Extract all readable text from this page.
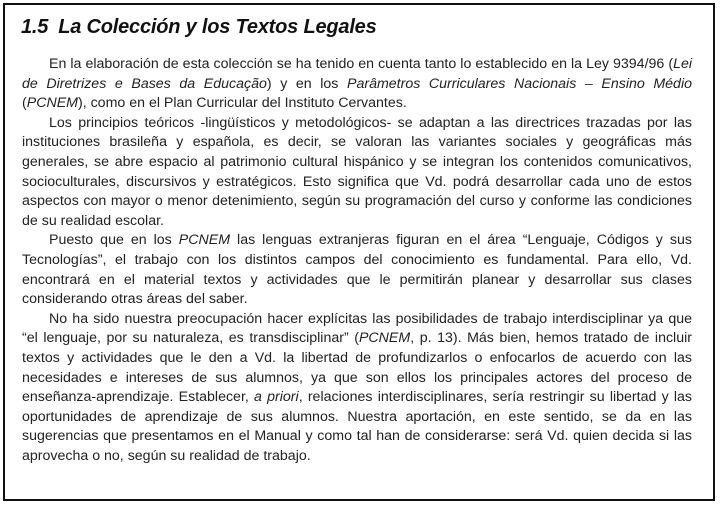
1.5 La Colección y los Textos Legales

En la elaboración de esta colección se ha tenido en cuenta tanto lo establecido en la Ley 9394/96 (Lei de Diretrizes e Bases da Educação) y en los Parâmetros Curriculares Nacionais – Ensino Médio (PCNEM), como en el Plan Curricular del Instituto Cervantes.

Los principios teóricos -lingüísticos y metodológicos- se adaptan a las directrices trazadas por las instituciones brasileña y española, es decir, se valoran las variantes sociales y geográficas más generales, se abre espacio al patrimonio cultural hispánico y se integran los contenidos comunicativos, socioculturales, discursivos y estratégicos. Esto significa que Vd. podrá desarrollar cada uno de estos aspectos con mayor o menor detenimiento, según su programación del curso y conforme las condiciones de su realidad escolar.

Puesto que en los PCNEM las lenguas extranjeras figuran en el área “Lenguaje, Códigos y sus Tecnologías”, el trabajo con los distintos campos del conocimiento es fundamental. Para ello, Vd. encontrará en el material textos y actividades que le permitirán planear y desarrollar sus clases considerando otras áreas del saber.

No ha sido nuestra preocupación hacer explícitas las posibilidades de trabajo interdisciplinar ya que “el lenguaje, por su naturaleza, es transdisciplinar” (PCNEM, p. 13). Más bien, hemos tratado de incluir textos y actividades que le den a Vd. la libertad de profundizarlos o enfocarlos de acuerdo con las necesidades e intereses de sus alumnos, ya que son ellos los principales actores del proceso de enseñanza-aprendizaje. Establecer, a priori, relaciones interdisciplinares, sería restringir su libertad y las oportunidades de aprendizaje de sus alumnos. Nuestra aportación, en este sentido, se da en las sugerencias que presentamos en el Manual y como tal han de considerarse: será Vd. quien decida si las aprovecha o no, según su realidad de trabajo.
